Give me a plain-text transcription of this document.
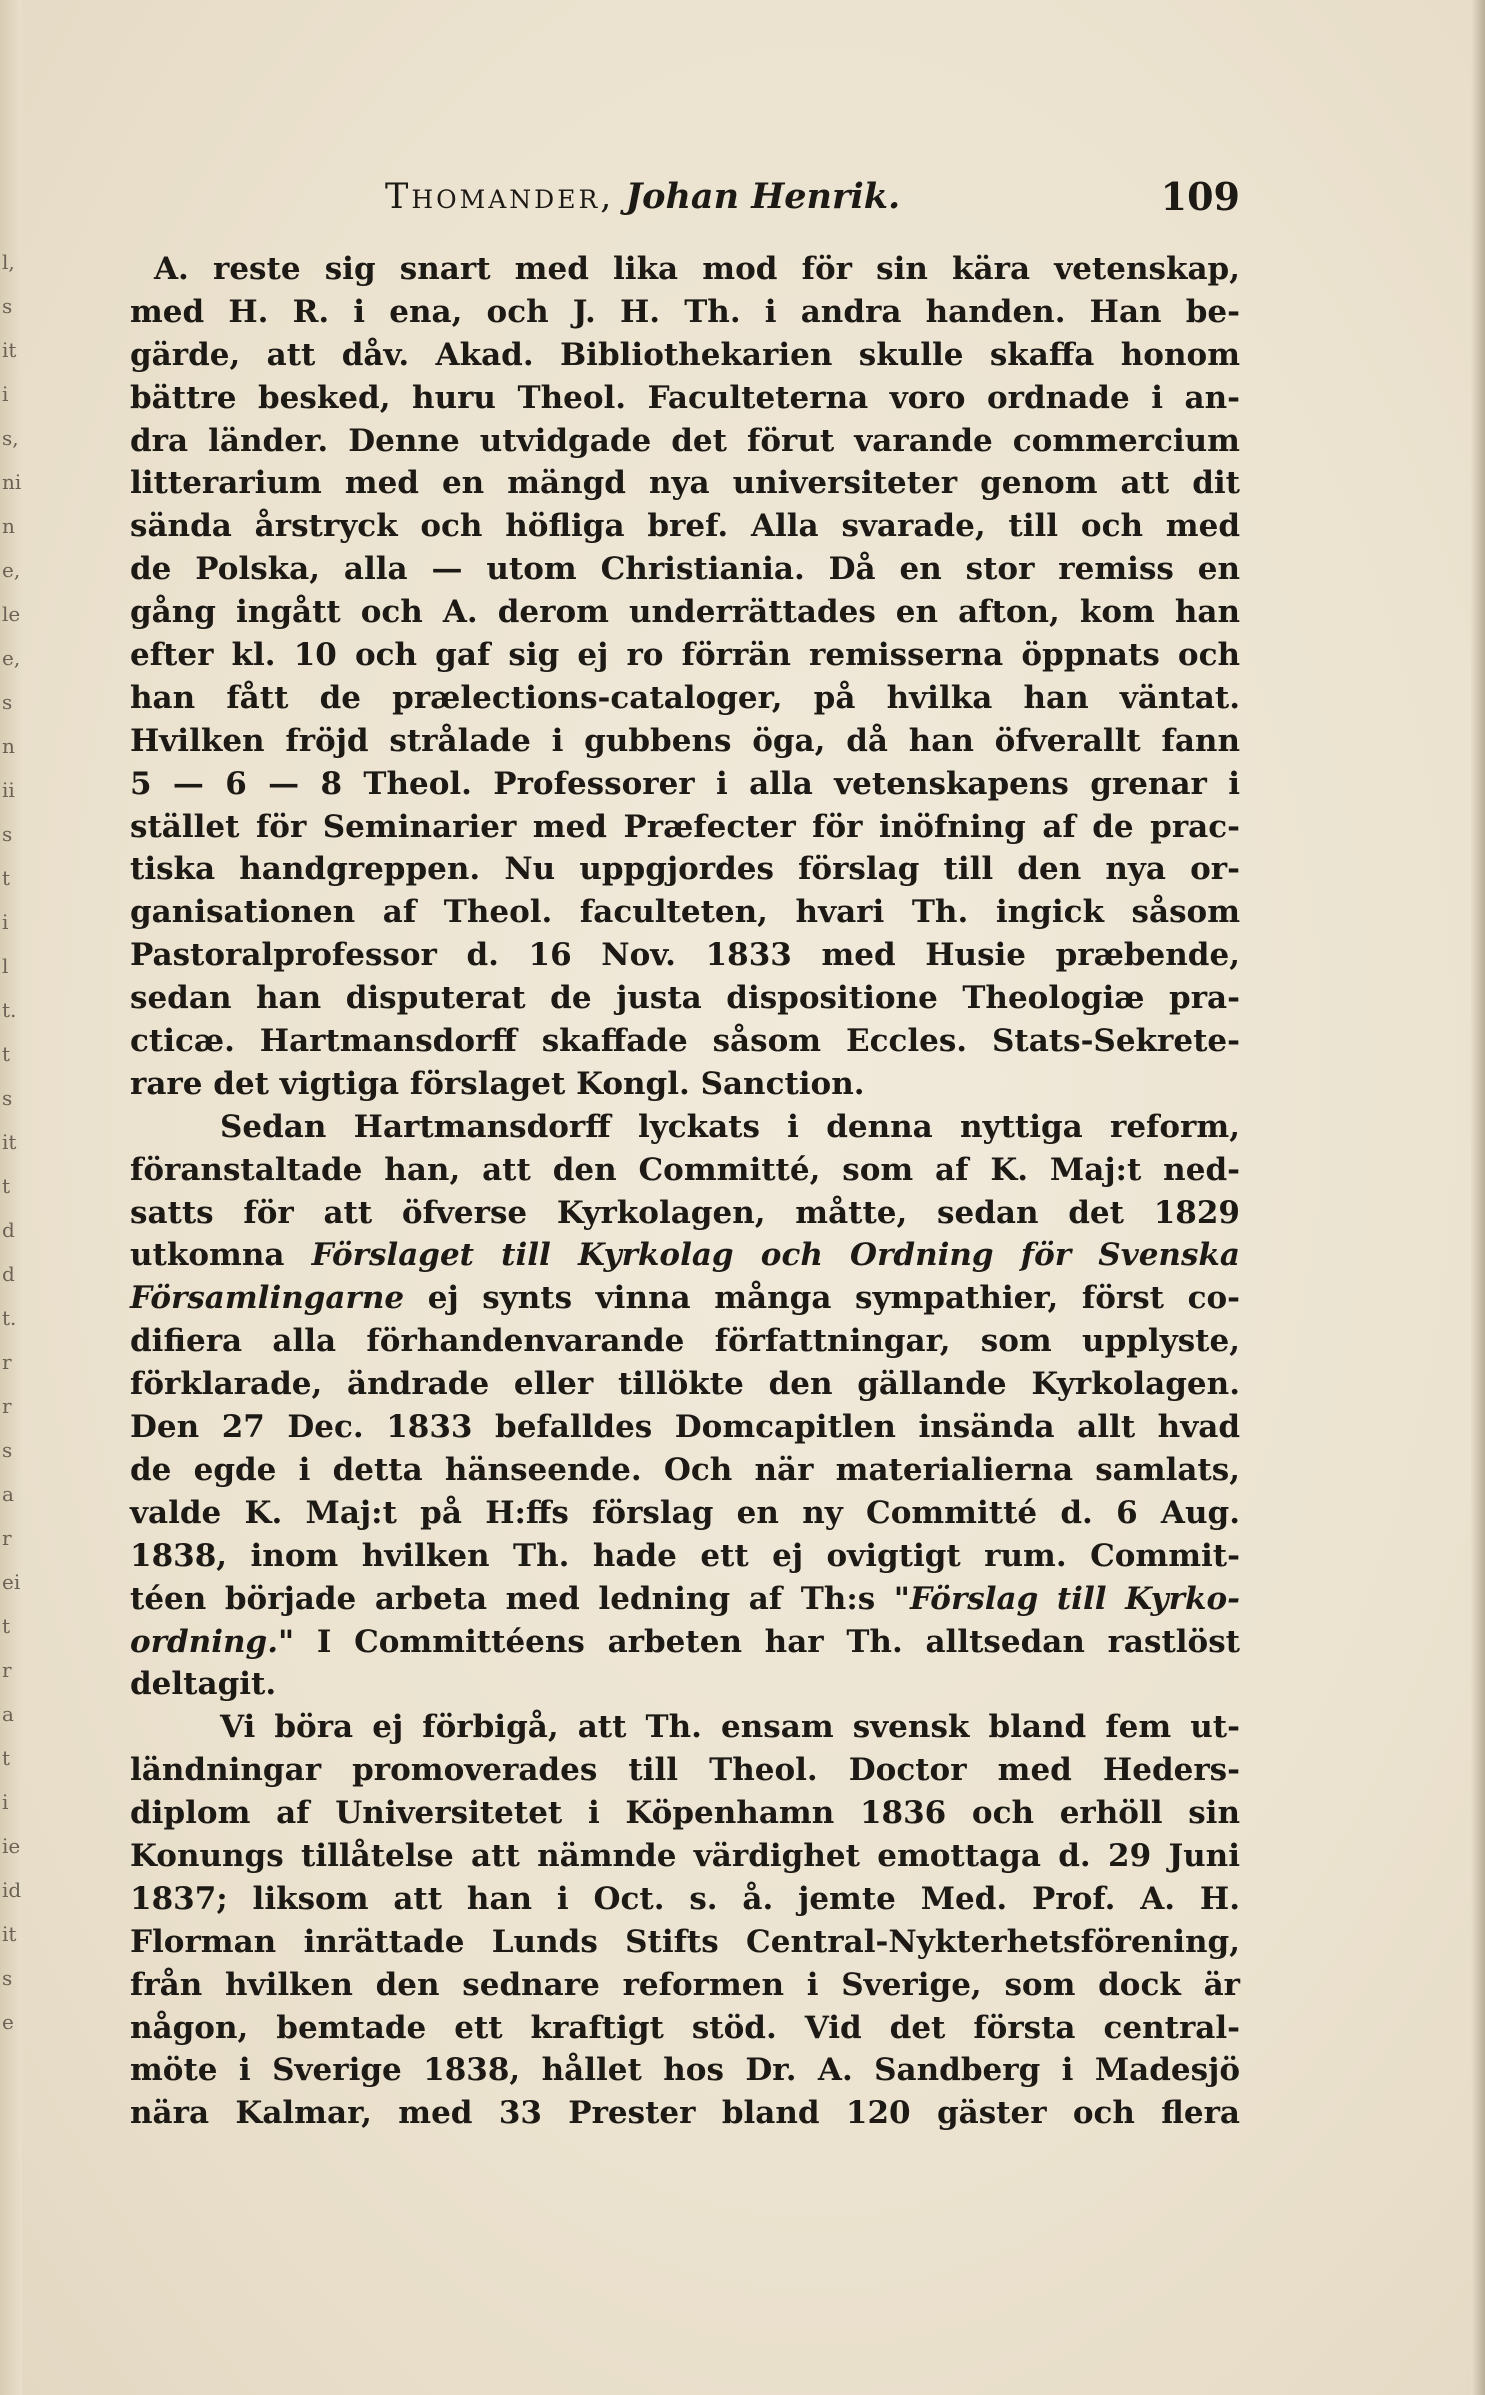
l,
s
it
i
s,
ni
n
e,
le
e,
s
n
ii
s
t
i
l
t.
t
s
it
t
d
d
t.
r
r
s
a
r
ei
t
r
a
t
i
ie
id
it
s
e
Thomander, Johan Henrik.	109
A. reste sig snart med lika mod för sin kära vetenskap,
med H. R. i ena, och J. H. Th. i andra handen. Han be-
gärde, att dåv. Akad. Bibliothekarien skulle skaffa honom
bättre besked, huru Theol. Faculteterna voro ordnade i an-
dra länder. Denne utvidgade det förut varande commercium
litterarium med en mängd nya universiteter genom att dit
sända årstryck och höfliga bref. Alla svarade, till och med
de Polska, alla — utom Christiania. Då en stor remiss en
gång ingått och A. derom underrättades en afton, kom han
efter kl. 10 och gaf sig ej ro förrän remisserna öppnats och
han fått de prælections-cataloger, på hvilka han väntat.
Hvilken fröjd strålade i gubbens öga, då han öfverallt fann
5 — 6 — 8 Theol. Professorer i alla vetenskapens grenar i
stället för Seminarier med Præfecter för inöfning af de prac-
tiska handgreppen. Nu uppgjordes förslag till den nya or-
ganisationen af Theol. faculteten, hvari Th. ingick såsom
Pastoralprofessor d. 16 Nov. 1833 med Husie præbende,
sedan han disputerat de justa dispositione Theologiæ pra-
cticæ. Hartmansdorff skaffade såsom Eccles. Stats-Sekrete-
rare det vigtiga förslaget Kongl. Sanction.
Sedan Hartmansdorff lyckats i denna nyttiga reform,
föranstaltade han, att den Committé, som af K. Maj:t ned-
satts för att öfverse Kyrkolagen, måtte, sedan det 1829
utkomna Förslaget till Kyrkolag och Ordning för Svenska
Församlingarne ej synts vinna många sympathier, först co-
difiera alla förhandenvarande författningar, som upplyste,
förklarade, ändrade eller tillökte den gällande Kyrkolagen.
Den 27 Dec. 1833 befalldes Domcapitlen insända allt hvad
de egde i detta hänseende. Och när materialierna samlats,
valde K. Maj:t på H:ffs förslag en ny Committé d. 6 Aug.
1838, inom hvilken Th. hade ett ej ovigtigt rum. Commit-
téen började arbeta med ledning af Th:s "Förslag till Kyrko-
ordning." I Committéens arbeten har Th. alltsedan rastlöst
deltagit.
Vi böra ej förbigå, att Th. ensam svensk bland fem ut-
ländningar promoverades till Theol. Doctor med Heders-
diplom af Universitetet i Köpenhamn 1836 och erhöll sin
Konungs tillåtelse att nämnde värdighet emottaga d. 29 Juni
1837; liksom att han i Oct. s. å. jemte Med. Prof. A. H.
Florman inrättade Lunds Stifts Central-Nykterhetsförening,
från hvilken den sednare reformen i Sverige, som dock är
någon, bemtade ett kraftigt stöd. Vid det första central-
möte i Sverige 1838, hållet hos Dr. A. Sandberg i Madesjö
nära Kalmar, med 33 Prester bland 120 gäster och flera
